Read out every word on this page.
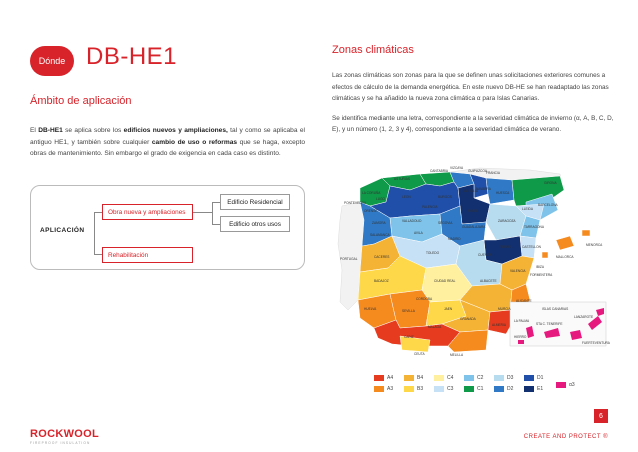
Dónde DB-HE1
Ámbito de aplicación
El DB-HE1 se aplica sobre los edificios nuevos y ampliaciones, tal y como se aplicaba el antiguo HE1, y también sobre cualquier cambio de uso o reformas que se haga, excepto obras de mantenimiento. Sin embargo el grado de exigencia en cada caso es distinto.
APLICACIÓN
Obra nueva y ampliaciones
Rehabilitación
Edificio Residencial
Edificio otros usos
Zonas climáticas

Las zonas climáticas son zonas para la que se definen unas solicitaciones exteriores comunes a efectos de cálculo de la demanda energética. En este nuevo DB-HE se han readaptado las zonas climáticas y se ha añadido la nueva zona climática α para Islas Canarias.

Se identifica mediante una letra, correspondiente a la severidad climática de invierno (α, A, B, C, D, E), y un número (1, 2, 3 y 4), correspondiente a la severidad climática de verano.

CANTABRIA
ASTURIAS
VIZCAYA
GUIPUZCOA
NAVARRA
HUESCA
GIRONA
LA CORUÑA
LUGO	LEON	BURGOS
LA RIOJA
ZARAGOZA
LLEIDA
BARCELONA
TARRAGONA
PONTEVEDRA
ORENSE
ZAMORA	VALLADOLID
PALENCIA
SORIA
SEGOVIA
SALAMANCA	AVILA
MADRID
GUADALAJARA
TERUEL	CASTELLON
CACERES
TOLEDO	CUENCA
VALENCIA
BADAJOZ	CIUDAD REAL	ALBACETE
ALICANTE
HUELVA	SEVILLA
CORDOBA
JAEN	MURCIA
CADIZ
MALAGA
GRANADA
ALMERIA
PORTUGAL
FRANCIA
MENORCA
IBIZA
MALLORCA
FORMENTERA
CEUTA	MELILLA
ISLAS CANARIAS
LA PALMA
LANZAROTE
STA C. TENERIFE
FUERTEVENTURA
HIERRO
A4
A3
B4
B3
C4
C3
C2
C1
D3
D2
D1
E1
α3
6
ROCKWOOL
FIREPROOF INSULATION
CREATE AND PROTECT ®
